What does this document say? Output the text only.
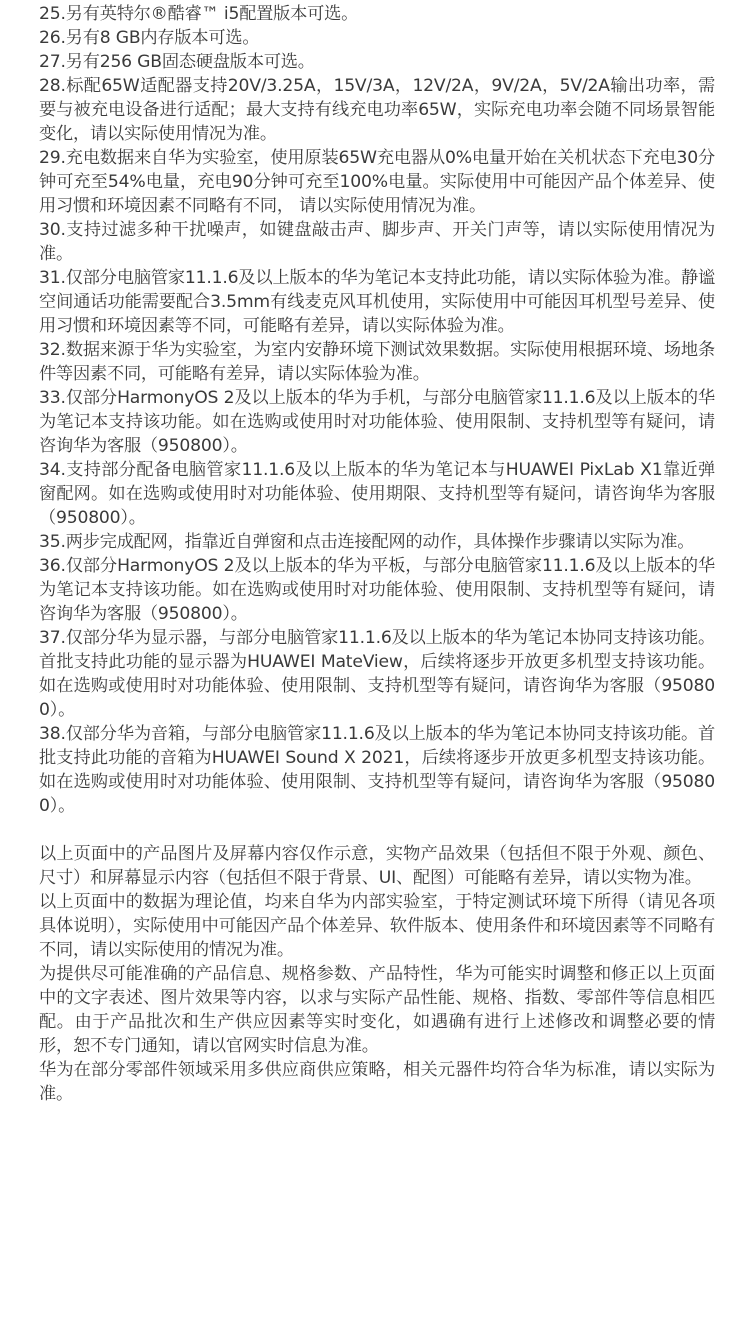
25.另有英特尔®酷睿™ i5配置版本可选。

26.另有8 GB内存版本可选。

27.另有256 GB固态硬盘版本可选。

28.标配65W适配器支持20V/3.25A，15V/3A，12V/2A，9V/2A，5V/2A输出功率，需要与被充电设备进行适配；最大支持有线充电功率65W，实际充电功率会随不同场景智能变化，请以实际使用情况为准。

29.充电数据来自华为实验室，使用原装65W充电器从0%电量开始在关机状态下充电30分钟可充至54%电量，充电90分钟可充至100%电量。实际使用中可能因产品个体差异、使用习惯和环境因素不同略有不同， 请以实际使用情况为准。

30.支持过滤多种干扰噪声，如键盘敲击声、脚步声、开关门声等，请以实际使用情况为准。

31.仅部分电脑管家11.1.6及以上版本的华为笔记本支持此功能，请以实际体验为准。静谧空间通话功能需要配合3.5mm有线麦克风耳机使用，实际使用中可能因耳机型号差异、使用习惯和环境因素等不同，可能略有差异，请以实际体验为准。

32.数据来源于华为实验室，为室内安静环境下测试效果数据。实际使用根据环境、场地条件等因素不同，可能略有差异，请以实际体验为准。

33.仅部分HarmonyOS 2及以上版本的华为手机，与部分电脑管家11.1.6及以上版本的华为笔记本支持该功能。如在选购或使用时对功能体验、使用限制、支持机型等有疑问，请咨询华为客服（950800）。

34.支持部分配备电脑管家11.1.6及以上版本的华为笔记本与HUAWEI PixLab X1靠近弹窗配网。如在选购或使用时对功能体验、使用期限、支持机型等有疑问，请咨询华为客服（950800）。

35.两步完成配网，指靠近自弹窗和点击连接配网的动作，具体操作步骤请以实际为准。

36.仅部分HarmonyOS 2及以上版本的华为平板，与部分电脑管家11.1.6及以上版本的华为笔记本支持该功能。如在选购或使用时对功能体验、使用限制、支持机型等有疑问，请咨询华为客服（950800）。

37.仅部分华为显示器，与部分电脑管家11.1.6及以上版本的华为笔记本协同支持该功能。首批支持此功能的显示器为HUAWEI MateView，后续将逐步开放更多机型支持该功能。如在选购或使用时对功能体验、使用限制、支持机型等有疑问，请咨询华为客服（950800）。

38.仅部分华为音箱，与部分电脑管家11.1.6及以上版本的华为笔记本协同支持该功能。首批支持此功能的音箱为HUAWEI Sound X 2021，后续将逐步开放更多机型支持该功能。如在选购或使用时对功能体验、使用限制、支持机型等有疑问，请咨询华为客服（950800）。

以上页面中的产品图片及屏幕内容仅作示意，实物产品效果（包括但不限于外观、颜色、尺寸）和屏幕显示内容（包括但不限于背景、UI、配图）可能略有差异，请以实物为准。

以上页面中的数据为理论值，均来自华为内部实验室，于特定测试环境下所得（请见各项具体说明），实际使用中可能因产品个体差异、软件版本、使用条件和环境因素等不同略有不同，请以实际使用的情况为准。

为提供尽可能准确的产品信息、规格参数、产品特性，华为可能实时调整和修正以上页面中的文字表述、图片效果等内容，以求与实际产品性能、规格、指数、零部件等信息相匹配。由于产品批次和生产供应因素等实时变化，如遇确有进行上述修改和调整必要的情形，恕不专门通知，请以官网实时信息为准。

华为在部分零部件领域采用多供应商供应策略，相关元器件均符合华为标准，请以实际为准。
